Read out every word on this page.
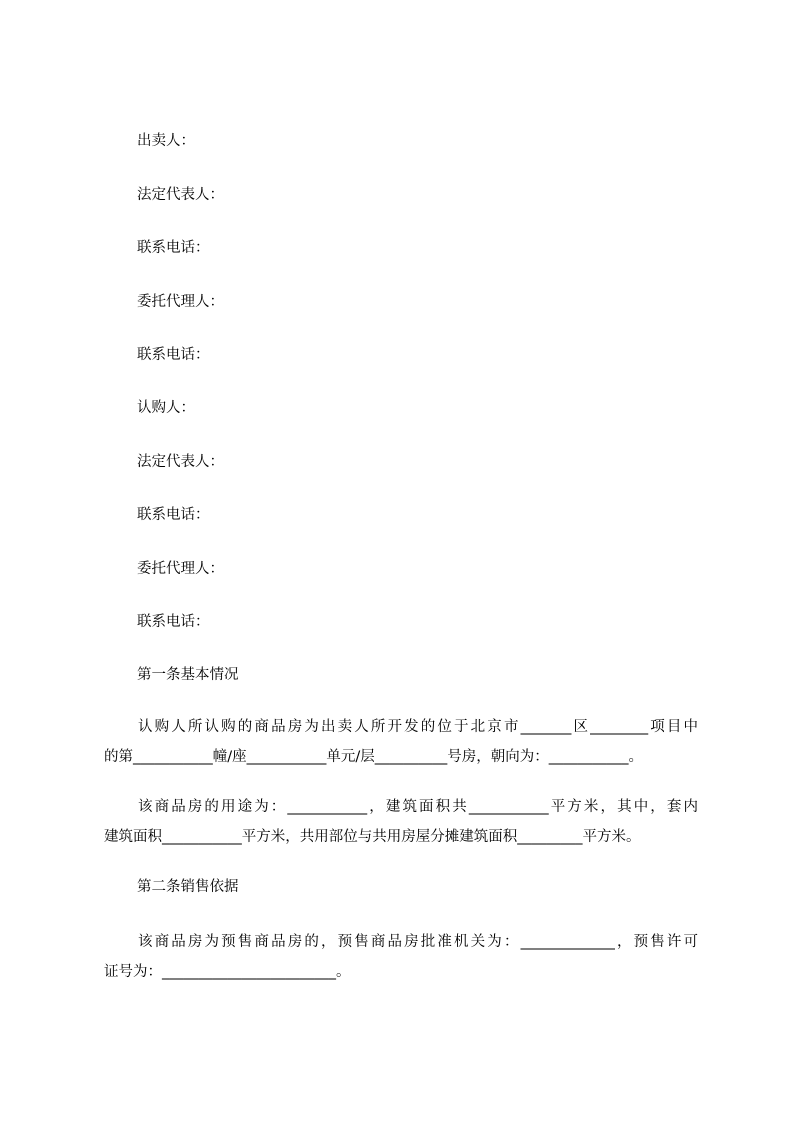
出卖人：
法定代表人：
联系电话：
委托代理人：
联系电话：
认购人：
法定代表人：
联系电话：
委托代理人：
联系电话：
第一条基本情况
认购人所认购的商品房为出卖人所开发的位于北京市_______区________项目中
的第___________幢/座___________单元/层__________号房，朝向为：___________。
该商品房的用途为：___________，建筑面积共___________平方米，其中，套内
建筑面积___________平方米，共用部位与共用房屋分摊建筑面积_________平方米。
第二条销售依据
该商品房为预售商品房的，预售商品房批准机关为：_____________，预售许可
证号为：________________________。
